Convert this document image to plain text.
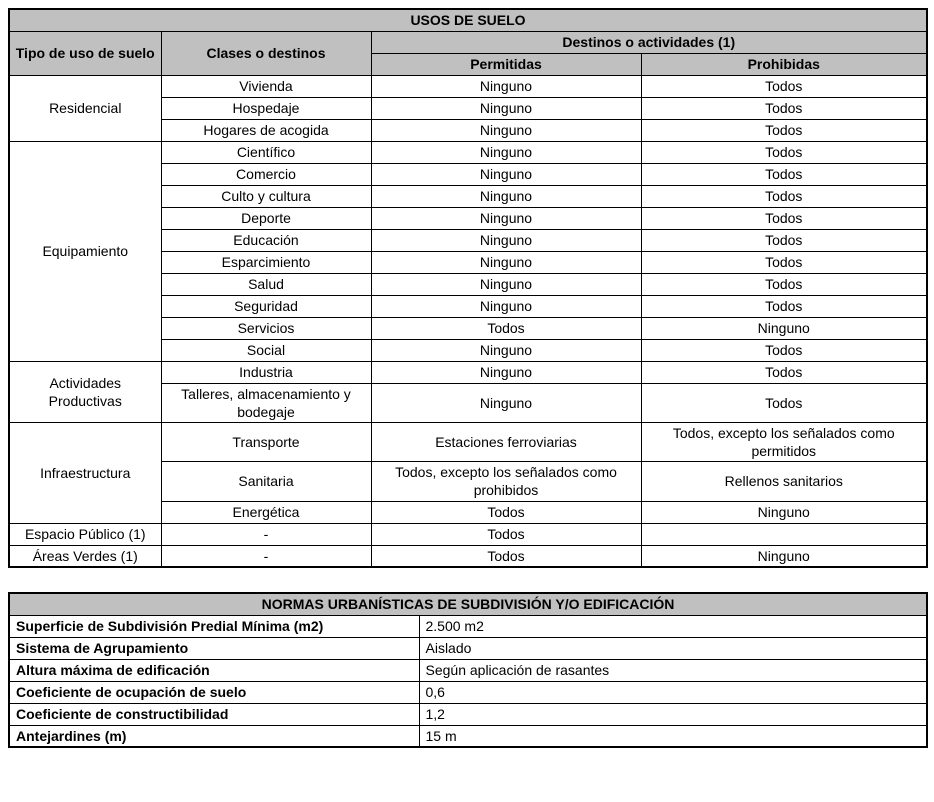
USOS DE SUELO			
Tipo de uso de suelo	Clases o destinos	Destinos o actividades (1)	
		Permitidas	Prohibidas
Residencial	Vivienda	Ninguno	Todos
	Hospedaje	Ninguno	Todos
	Hogares de acogida	Ninguno	Todos
Equipamiento	Científico	Ninguno	Todos
	Comercio	Ninguno	Todos
	Culto y cultura	Ninguno	Todos
	Deporte	Ninguno	Todos
	Educación	Ninguno	Todos
	Esparcimiento	Ninguno	Todos
	Salud	Ninguno	Todos
	Seguridad	Ninguno	Todos
	Servicios	Todos	Ninguno
	Social	Ninguno	Todos
Actividades Productivas	Industria	Ninguno	Todos
	Talleres, almacenamiento y bodegaje	Ninguno	Todos
Infraestructura	Transporte	Estaciones ferroviarias	Todos, excepto los señalados como permitidos
	Sanitaria	Todos, excepto los señalados como prohibidos	Rellenos sanitarios
	Energética	Todos	Ninguno
Espacio Público (1)	-	Todos	
Áreas Verdes (1)	-	Todos	Ninguno
NORMAS URBANÍSTICAS DE SUBDIVISIÓN Y/O EDIFICACIÓN	
Superficie de Subdivisión Predial Mínima (m2)	2.500 m2
Sistema de Agrupamiento	Aislado
Altura máxima de edificación	Según aplicación de rasantes
Coeficiente de ocupación de suelo	0,6
Coeficiente de constructibilidad	1,2
Antejardines (m)	15 m
